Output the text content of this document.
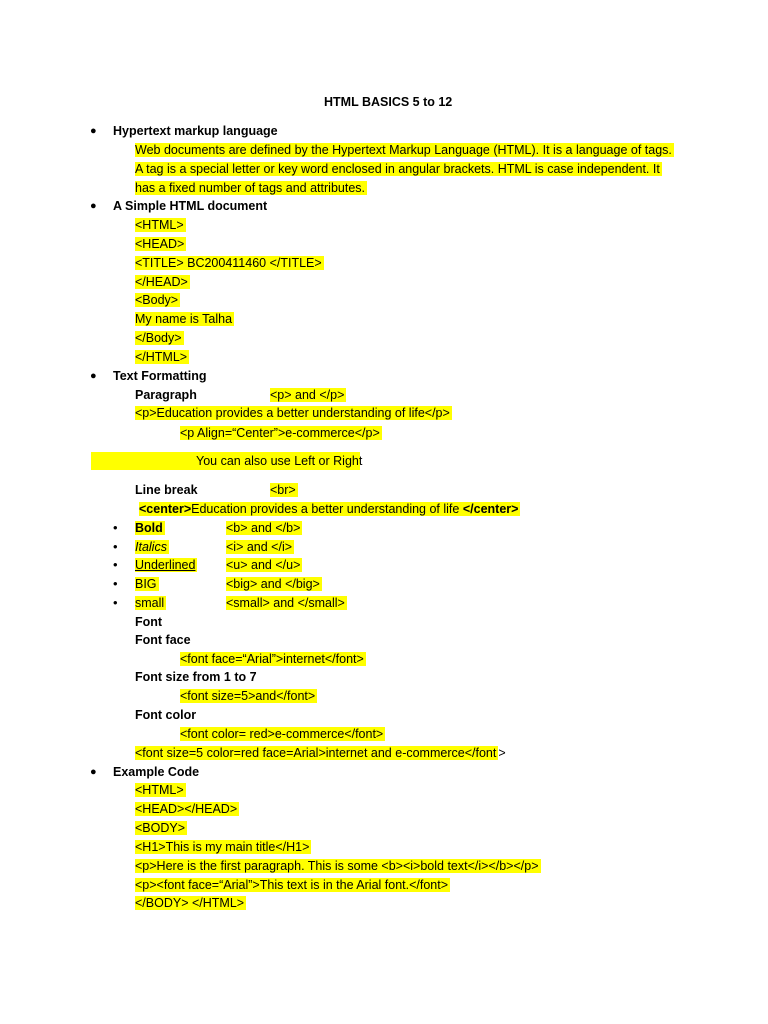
HTML BASICS 5 to 12
● Hypertext markup language
Web documents are defined by the Hypertext Markup Language (HTML). It is a language of tags.
A tag is a special letter or key word enclosed in angular brackets. HTML is case independent. It
has a fixed number of tags and attributes.
● A Simple HTML document
<HTML>
<HEAD>
<TITLE> BC200411460 </TITLE>
</HEAD>
<Body>
My name is Talha
</Body>
</HTML>
● Text Formatting
Paragraph	<p> and </p>
<p>Education provides a better understanding of life</p>
<p Align=“Center”>e-commerce</p>
You can also use Left or Right
Line break	<br>
<center>Education provides a better understanding of life </center>
• Bold	<b> and </b>
• Italics	<i> and </i>
• Underlined <u> and </u>
• BIG	<big> and </big>
• small	<small> and </small>
Font
Font face
<font face=“Arial”>internet</font>
Font size from 1 to 7
<font size=5>and</font>
Font color
<font color= red>e-commerce</font>
<font size=5 color=red face=Arial>internet and e-commerce</font >
● Example Code
<HTML>
<HEAD></HEAD>
<BODY>
<H1>This is my main title</H1>
<p>Here is the first paragraph. This is some <b><i>bold text</i></b></p>
<p><font face=“Arial”>This text is in the Arial font.</font>
</BODY> </HTML>
